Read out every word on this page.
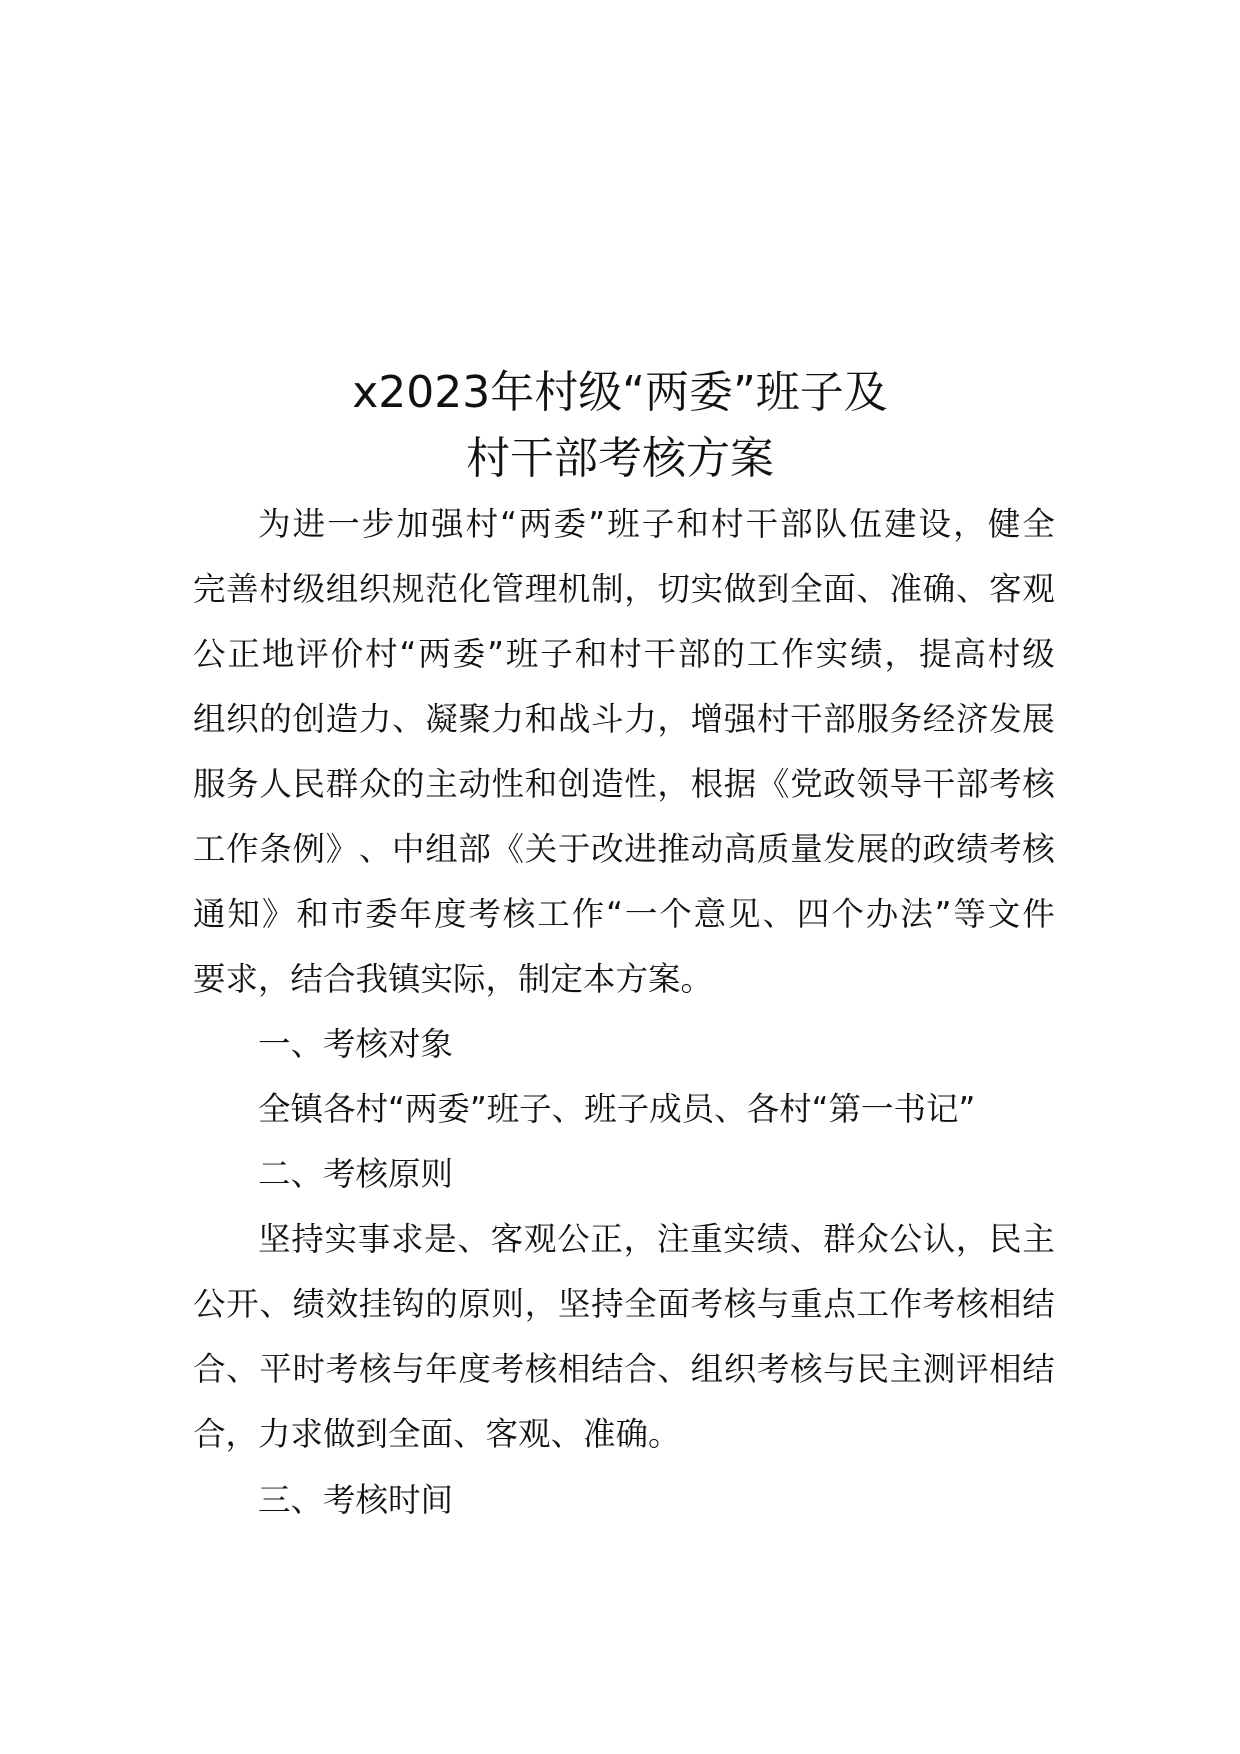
x2023年村级“两委”班子及
村干部考核方案
为 进 一 步 加 强 村 “ 两 委 ” 班 子 和 村 干 部 队 伍 建 设 ， 健 全
完 善 村 级 组 织 规 范 化 管 理 机 制 ， 切 实 做 到 全 面 、 准 确 、 客 观
公 正 地 评 价 村 “ 两 委 ” 班 子 和 村 干 部 的 工 作 实 绩 ， 提 高 村 级
组 织 的 创 造 力 、 凝 聚 力 和 战 斗 力 ， 增 强 村 干 部 服 务 经 济 发 展
服 务 人 民 群 众 的 主 动 性 和 创 造 性 ， 根 据 《 党 政 领 导 干 部 考 核
工 作 条 例 》 、 中 组 部 《 关 于 改 进 推 动 高 质 量 发 展 的 政 绩 考 核
通 知 》 和 市 委 年 度 考 核 工 作 “ 一 个 意 见 、 四 个 办 法 ” 等 文 件
要求，结合我镇实际，制定本方案。
一、考核对象
全镇各村“两委”班子、班子成员、各村“第一书记”
二、考核原则
坚 持 实 事 求 是 、 客 观 公 正 ， 注 重 实 绩 、 群 众 公 认 ， 民 主
公 开 、 绩 效 挂 钩 的 原 则 ， 坚 持 全 面 考 核 与 重 点 工 作 考 核 相 结
合 、 平 时 考 核 与 年 度 考 核 相 结 合 、 组 织 考 核 与 民 主 测 评 相 结
合，力求做到全面、客观、准确。
三、考核时间
